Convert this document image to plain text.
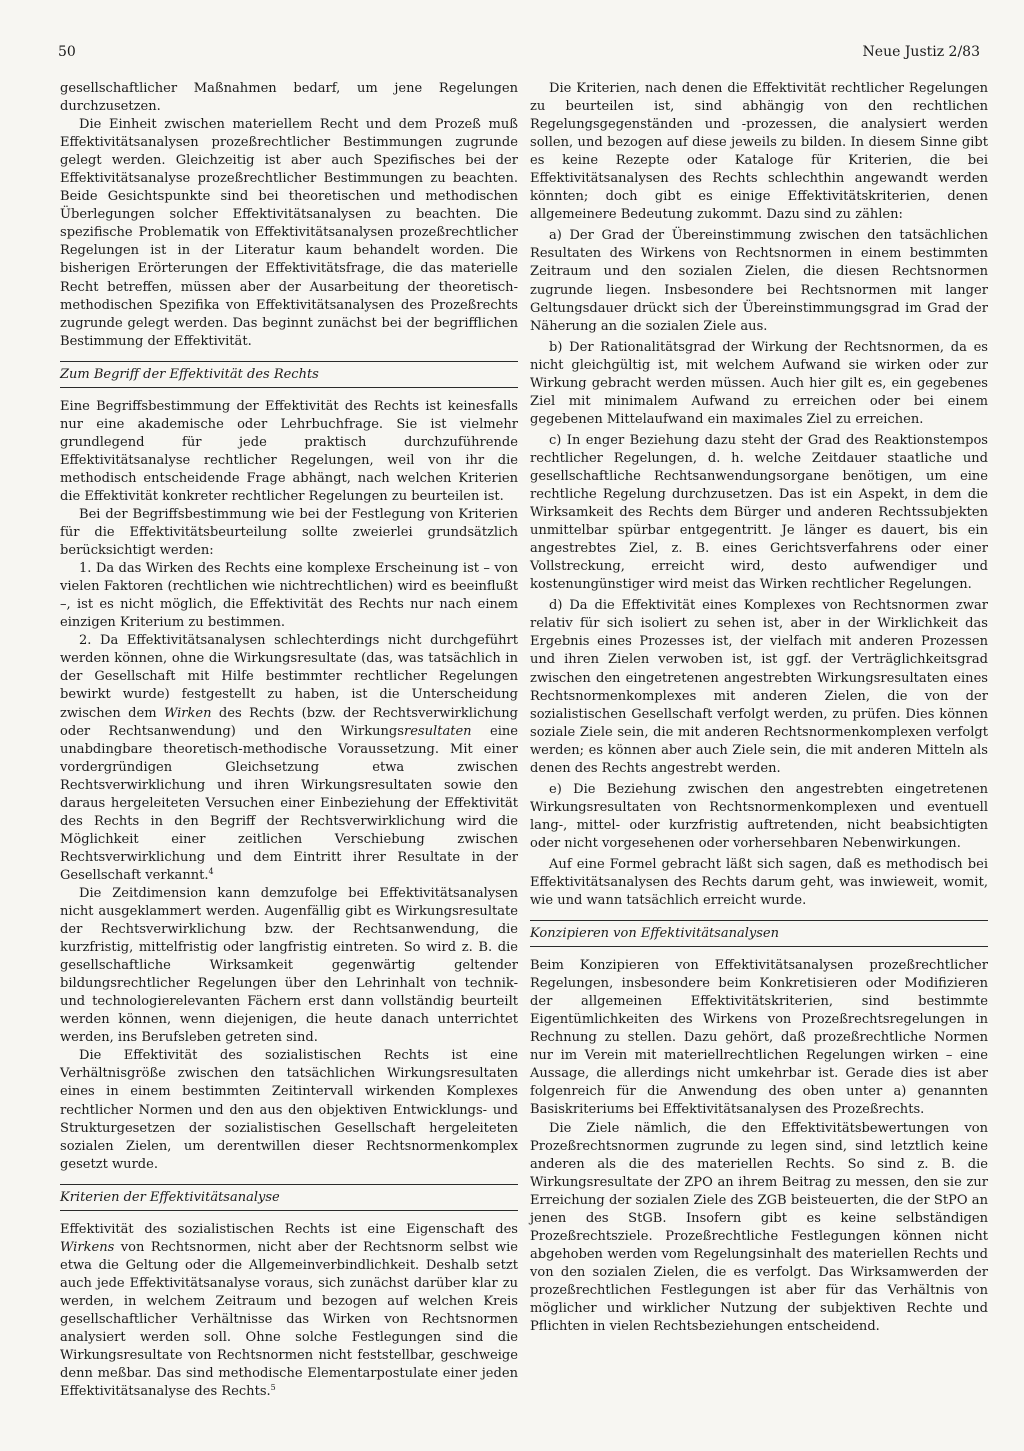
50	Neue Justiz 2/83

gesellschaftlicher Maßnahmen bedarf, um jene Regelungen durchzusetzen.

Die Einheit zwischen materiellem Recht und dem Prozeß muß Effektivitätsanalysen prozeßrechtlicher Bestimmungen zugrunde gelegt werden. Gleichzeitig ist aber auch Spezifisches bei der Effektivitätsanalyse prozeßrechtlicher Bestimmungen zu beachten. Beide Gesichtspunkte sind bei theoretischen und methodischen Überlegungen solcher Effektivitätsanalysen zu beachten. Die spezifische Problematik von Effektivitätsanalysen prozeßrechtlicher Regelungen ist in der Literatur kaum behandelt worden. Die bisherigen Erörterungen der Effektivitätsfrage, die das materielle Recht betreffen, müssen aber der Ausarbeitung der theoretisch-methodischen Spezifika von Effektivitätsanalysen des Prozeßrechts zugrunde gelegt werden. Das beginnt zunächst bei der begrifflichen Bestimmung der Effektivität.

Zum Begriff der Effektivität des Rechts

Eine Begriffsbestimmung der Effektivität des Rechts ist keinesfalls nur eine akademische oder Lehrbuchfrage. Sie ist vielmehr grundlegend für jede praktisch durchzuführende Effektivitätsanalyse rechtlicher Regelungen, weil von ihr die methodisch entscheidende Frage abhängt, nach welchen Kriterien die Effektivität konkreter rechtlicher Regelungen zu beurteilen ist.

Bei der Begriffsbestimmung wie bei der Festlegung von Kriterien für die Effektivitätsbeurteilung sollte zweierlei grundsätzlich berücksichtigt werden:

1. Da das Wirken des Rechts eine komplexe Erscheinung ist – von vielen Faktoren (rechtlichen wie nichtrechtlichen) wird es beeinflußt –, ist es nicht möglich, die Effektivität des Rechts nur nach einem einzigen Kriterium zu bestimmen.

2. Da Effektivitätsanalysen schlechterdings nicht durchgeführt werden können, ohne die Wirkungsresultate (das, was tatsächlich in der Gesellschaft mit Hilfe bestimmter rechtlicher Regelungen bewirkt wurde) festgestellt zu haben, ist die Unterscheidung zwischen dem Wirken des Rechts (bzw. der Rechtsverwirklichung oder Rechtsanwendung) und den Wirkungsresultaten eine unabdingbare theoretisch-methodische Voraussetzung. Mit einer vordergründigen Gleichsetzung etwa zwischen Rechtsverwirklichung und ihren Wirkungsresultaten sowie den daraus hergeleiteten Versuchen einer Einbeziehung der Effektivität des Rechts in den Begriff der Rechtsverwirklichung wird die Möglichkeit einer zeitlichen Verschiebung zwischen Rechtsverwirklichung und dem Eintritt ihrer Resultate in der Gesellschaft verkannt.$^4$

Die Zeitdimension kann demzufolge bei Effektivitätsanalysen nicht ausgeklammert werden. Augenfällig gibt es Wirkungsresultate der Rechtsverwirklichung bzw. der Rechtsanwendung, die kurzfristig, mittelfristig oder langfristig eintreten. So wird z. B. die gesellschaftliche Wirksamkeit gegenwärtig geltender bildungsrechtlicher Regelungen über den Lehrinhalt von technik- und technologierelevanten Fächern erst dann vollständig beurteilt werden können, wenn diejenigen, die heute danach unterrichtet werden, ins Berufsleben getreten sind.

Die Effektivität des sozialistischen Rechts ist eine Verhältnisgröße zwischen den tatsächlichen Wirkungsresultaten eines in einem bestimmten Zeitintervall wirkenden Komplexes rechtlicher Normen und den aus den objektiven Entwicklungs- und Strukturgesetzen der sozialistischen Gesellschaft hergeleiteten sozialen Zielen, um derentwillen dieser Rechtsnormenkomplex gesetzt wurde.

Kriterien der Effektivitätsanalyse

Effektivität des sozialistischen Rechts ist eine Eigenschaft des Wirkens von Rechtsnormen, nicht aber der Rechtsnorm selbst wie etwa die Geltung oder die Allgemeinverbindlichkeit. Deshalb setzt auch jede Effektivitätsanalyse voraus, sich zunächst darüber klar zu werden, in welchem Zeitraum und bezogen auf welchen Kreis gesellschaftlicher Verhältnisse das Wirken von Rechtsnormen analysiert werden soll. Ohne solche Festlegungen sind die Wirkungsresultate von Rechtsnormen nicht feststellbar, geschweige denn meßbar. Das sind methodische Elementarpostulate einer jeden Effektivitätsanalyse des Rechts.$^5$

Die Kriterien, nach denen die Effektivität rechtlicher Regelungen zu beurteilen ist, sind abhängig von den rechtlichen Regelungsgegenständen und -prozessen, die analysiert werden sollen, und bezogen auf diese jeweils zu bilden. In diesem Sinne gibt es keine Rezepte oder Kataloge für Kriterien, die bei Effektivitätsanalysen des Rechts schlechthin angewandt werden könnten; doch gibt es einige Effektivitätskriterien, denen allgemeinere Bedeutung zukommt. Dazu sind zu zählen:

a) Der Grad der Übereinstimmung zwischen den tatsächlichen Resultaten des Wirkens von Rechtsnormen in einem bestimmten Zeitraum und den sozialen Zielen, die diesen Rechtsnormen zugrunde liegen. Insbesondere bei Rechtsnormen mit langer Geltungsdauer drückt sich der Übereinstimmungsgrad im Grad der Näherung an die sozialen Ziele aus.

b) Der Rationalitätsgrad der Wirkung der Rechtsnormen, da es nicht gleichgültig ist, mit welchem Aufwand sie wirken oder zur Wirkung gebracht werden müssen. Auch hier gilt es, ein gegebenes Ziel mit minimalem Aufwand zu erreichen oder bei einem gegebenen Mittelaufwand ein maximales Ziel zu erreichen.

c) In enger Beziehung dazu steht der Grad des Reaktionstempos rechtlicher Regelungen, d. h. welche Zeitdauer staatliche und gesellschaftliche Rechtsanwendungsorgane benötigen, um eine rechtliche Regelung durchzusetzen. Das ist ein Aspekt, in dem die Wirksamkeit des Rechts dem Bürger und anderen Rechtssubjekten unmittelbar spürbar entgegentritt. Je länger es dauert, bis ein angestrebtes Ziel, z. B. eines Gerichtsverfahrens oder einer Vollstreckung, erreicht wird, desto aufwendiger und kostenungünstiger wird meist das Wirken rechtlicher Regelungen.

d) Da die Effektivität eines Komplexes von Rechtsnormen zwar relativ für sich isoliert zu sehen ist, aber in der Wirklichkeit das Ergebnis eines Prozesses ist, der vielfach mit anderen Prozessen und ihren Zielen verwoben ist, ist ggf. der Verträglichkeitsgrad zwischen den eingetretenen angestrebten Wirkungsresultaten eines Rechtsnormenkomplexes mit anderen Zielen, die von der sozialistischen Gesellschaft verfolgt werden, zu prüfen. Dies können soziale Ziele sein, die mit anderen Rechtsnormenkomplexen verfolgt werden; es können aber auch Ziele sein, die mit anderen Mitteln als denen des Rechts angestrebt werden.

e) Die Beziehung zwischen den angestrebten eingetretenen Wirkungsresultaten von Rechtsnormenkomplexen und eventuell lang-, mittel- oder kurzfristig auftretenden, nicht beabsichtigten oder nicht vorgesehenen oder vorhersehbaren Nebenwirkungen.

Auf eine Formel gebracht läßt sich sagen, daß es methodisch bei Effektivitätsanalysen des Rechts darum geht, was inwieweit, womit, wie und wann tatsächlich erreicht wurde.

Konzipieren von Effektivitätsanalysen

Beim Konzipieren von Effektivitätsanalysen prozeßrechtlicher Regelungen, insbesondere beim Konkretisieren oder Modifizieren der allgemeinen Effektivitätskriterien, sind bestimmte Eigentümlichkeiten des Wirkens von Prozeßrechtsregelungen in Rechnung zu stellen. Dazu gehört, daß prozeßrechtliche Normen nur im Verein mit materiellrechtlichen Regelungen wirken – eine Aussage, die allerdings nicht umkehrbar ist. Gerade dies ist aber folgenreich für die Anwendung des oben unter a) genannten Basiskriteriums bei Effektivitätsanalysen des Prozeßrechts.

Die Ziele nämlich, die den Effektivitätsbewertungen von Prozeßrechtsnormen zugrunde zu legen sind, sind letztlich keine anderen als die des materiellen Rechts. So sind z. B. die Wirkungsresultate der ZPO an ihrem Beitrag zu messen, den sie zur Erreichung der sozialen Ziele des ZGB beisteuerten, die der StPO an jenen des StGB. Insofern gibt es keine selbständigen Prozeßrechtsziele. Prozeßrechtliche Festlegungen können nicht abgehoben werden vom Regelungsinhalt des materiellen Rechts und von den sozialen Zielen, die es verfolgt. Das Wirksamwerden der prozeßrechtlichen Festlegungen ist aber für das Verhältnis von möglicher und wirklicher Nutzung der subjektiven Rechte und Pflichten in vielen Rechtsbeziehungen entscheidend.
